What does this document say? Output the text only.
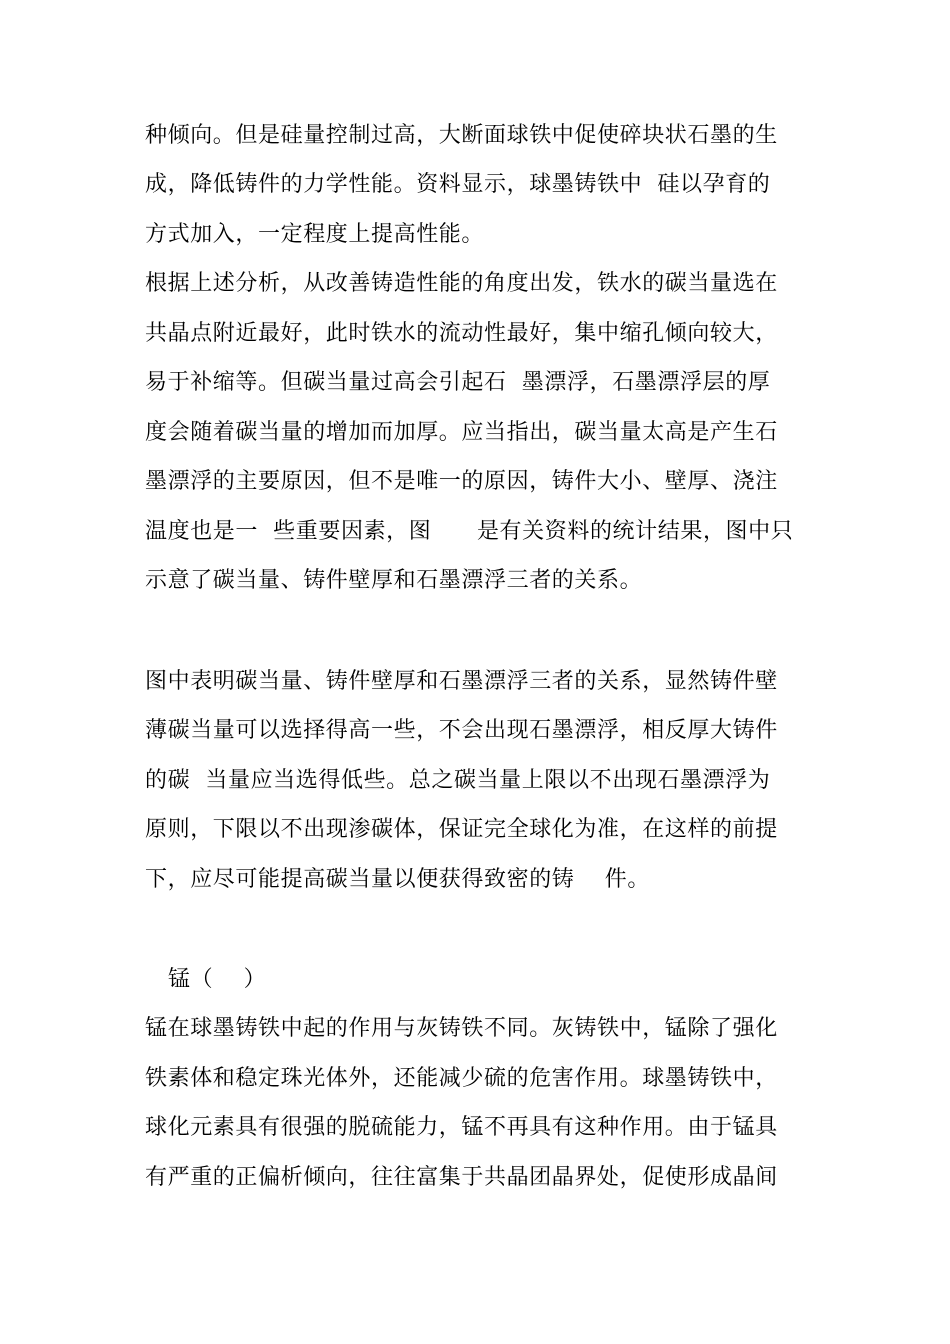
种倾向。但是硅量控制过高，大断面球铁中促使碎块状石墨的生
成，降低铸件的力学性能。资料显示，球墨铸铁中  硅以孕育的
方式加入，一定程度上提高性能。
根据上述分析，从改善铸造性能的角度出发，铁水的碳当量选在
共晶点附近最好，此时铁水的流动性最好，集中缩孔倾向较大，
易于补缩等。但碳当量过高会引起石  墨漂浮，石墨漂浮层的厚
度会随着碳当量的增加而加厚。应当指出，碳当量太高是产生石
墨漂浮的主要原因，但不是唯一的原因，铸件大小、壁厚、浇注
温度也是一  些重要因素，图      是有关资料的统计结果，图中只
示意了碳当量、铸件壁厚和石墨漂浮三者的关系。
图中表明碳当量、铸件壁厚和石墨漂浮三者的关系，显然铸件壁
薄碳当量可以选择得高一些，不会出现石墨漂浮，相反厚大铸件
的碳  当量应当选得低些。总之碳当量上限以不出现石墨漂浮为
原则，下限以不出现渗碳体，保证完全球化为准，在这样的前提
下，应尽可能提高碳当量以便获得致密的铸    件。
锰（    ）
锰在球墨铸铁中起的作用与灰铸铁不同。灰铸铁中，锰除了强化
铁素体和稳定珠光体外，还能减少硫的危害作用。球墨铸铁中，
球化元素具有很强的脱硫能力，锰不再具有这种作用。由于锰具
有严重的正偏析倾向，往往富集于共晶团晶界处，促使形成晶间
